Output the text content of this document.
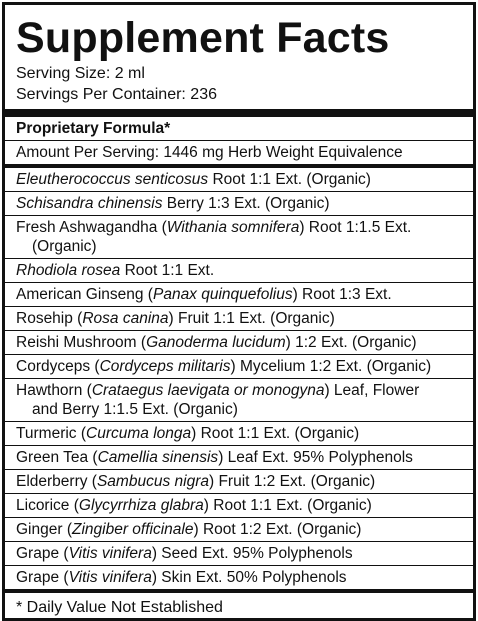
Supplement Facts
Serving Size: 2 ml
Servings Per Container: 236
Proprietary Formula*
Amount Per Serving: 1446 mg Herb Weight Equivalence
Eleutherococcus senticosus Root 1:1 Ext. (Organic)
Schisandra chinensis Berry 1:3 Ext. (Organic)
Fresh Ashwagandha (Withania somnifera) Root 1:1.5 Ext.
(Organic)
Rhodiola rosea Root 1:1 Ext.
American Ginseng (Panax quinquefolius) Root 1:3 Ext.
Rosehip (Rosa canina) Fruit 1:1 Ext. (Organic)
Reishi Mushroom (Ganoderma lucidum) 1:2 Ext. (Organic)
Cordyceps (Cordyceps militaris) Mycelium 1:2 Ext. (Organic)
Hawthorn (Crataegus laevigata or monogyna) Leaf, Flower
and Berry 1:1.5 Ext. (Organic)
Turmeric (Curcuma longa) Root 1:1 Ext. (Organic)
Green Tea (Camellia sinensis) Leaf Ext. 95% Polyphenols
Elderberry (Sambucus nigra) Fruit 1:2 Ext. (Organic)
Licorice (Glycyrrhiza glabra) Root 1:1 Ext. (Organic)
Ginger (Zingiber officinale) Root 1:2 Ext. (Organic)
Grape (Vitis vinifera) Seed Ext. 95% Polyphenols
Grape (Vitis vinifera) Skin Ext. 50% Polyphenols
* Daily Value Not Established
